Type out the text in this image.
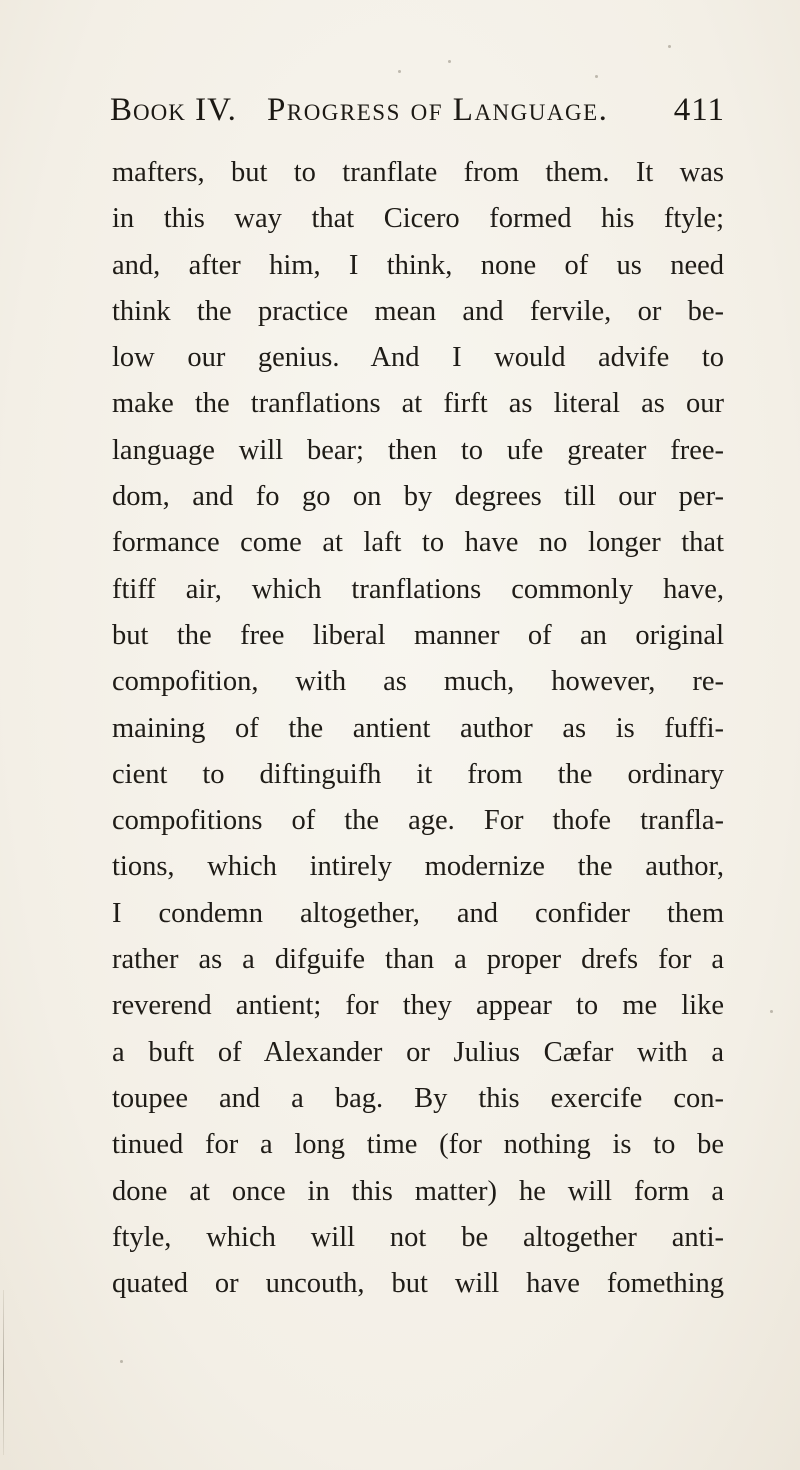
Book IV. Progress of Language. 411
mafters, but to tranflate from them. It was
in this way that Cicero formed his ftyle;
and, after him, I think, none of us need
think the practice mean and fervile, or be-
low our genius. And I would advife to
make the tranflations at firft as literal as our
language will bear; then to ufe greater free-
dom, and fo go on by degrees till our per-
formance come at laft to have no longer that
ftiff air, which tranflations commonly have,
but the free liberal manner of an original
compofition, with as much, however, re-
maining of the antient author as is fuffi-
cient to diftinguifh it from the ordinary
compofitions of the age. For thofe tranfla-
tions, which intirely modernize the author,
I condemn altogether, and confider them
rather as a difguife than a proper drefs for a
reverend antient; for they appear to me like
a buft of Alexander or Julius Cæfar with a
toupee and a bag. By this exercife con-
tinued for a long time (for nothing is to be
done at once in this matter) he will form a
ftyle, which will not be altogether anti-
quated or uncouth, but will have fomething
